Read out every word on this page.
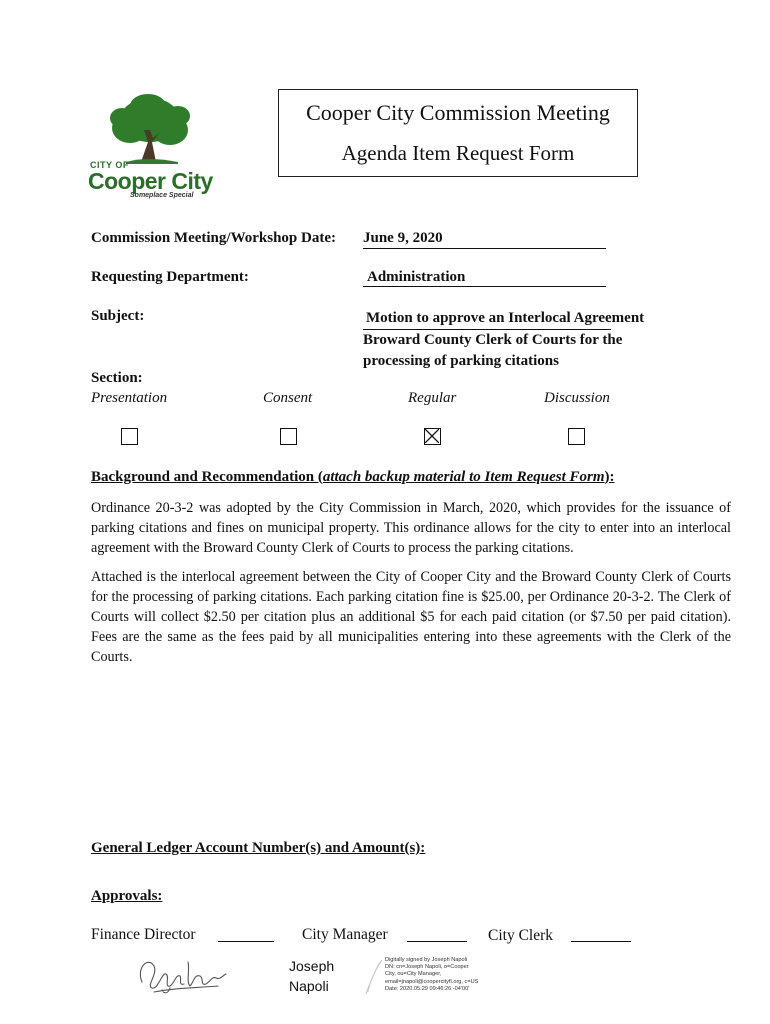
CITY OF
Cooper City
Someplace Special
Cooper City Commission Meeting
Agenda Item Request Form
Commission Meeting/Workshop Date: June 9, 2020
Requesting Department:	Administration
Subject:	Motion to approve an Interlocal Agreement
Broward County Clerk of Courts for the
processing of parking citations
Section:
Presentation	Consent	Regular	Discussion
Background and Recommendation (attach backup material to Item Request Form):
Ordinance 20-3-2 was adopted by the City Commission in March, 2020, which provides for the issuance of parking citations and fines on municipal property. This ordinance allows for the city to enter into an interlocal agreement with the Broward County Clerk of Courts to process the parking citations.
Attached is the interlocal agreement between the City of Cooper City and the Broward County Clerk of Courts for the processing of parking citations. Each parking citation fine is $25.00, per Ordinance 20-3-2. The Clerk of Courts will collect $2.50 per citation plus an additional $5 for each paid citation (or $7.50 per paid citation). Fees are the same as the fees paid by all municipalities entering into these agreements with the Clerk of the Courts.
General Ledger Account Number(s) and Amount(s):
Approvals:
Finance Director	City Manager	City Clerk
Joseph
Napoli
Digitally signed by Joseph Napoli
DN: cn=Joseph Napoli, o=Cooper
City, ou=City Manager,
email=jnapoli@coopercityfl.org, c=US
Date: 2020.05.29 09:46:26 -04'00'
